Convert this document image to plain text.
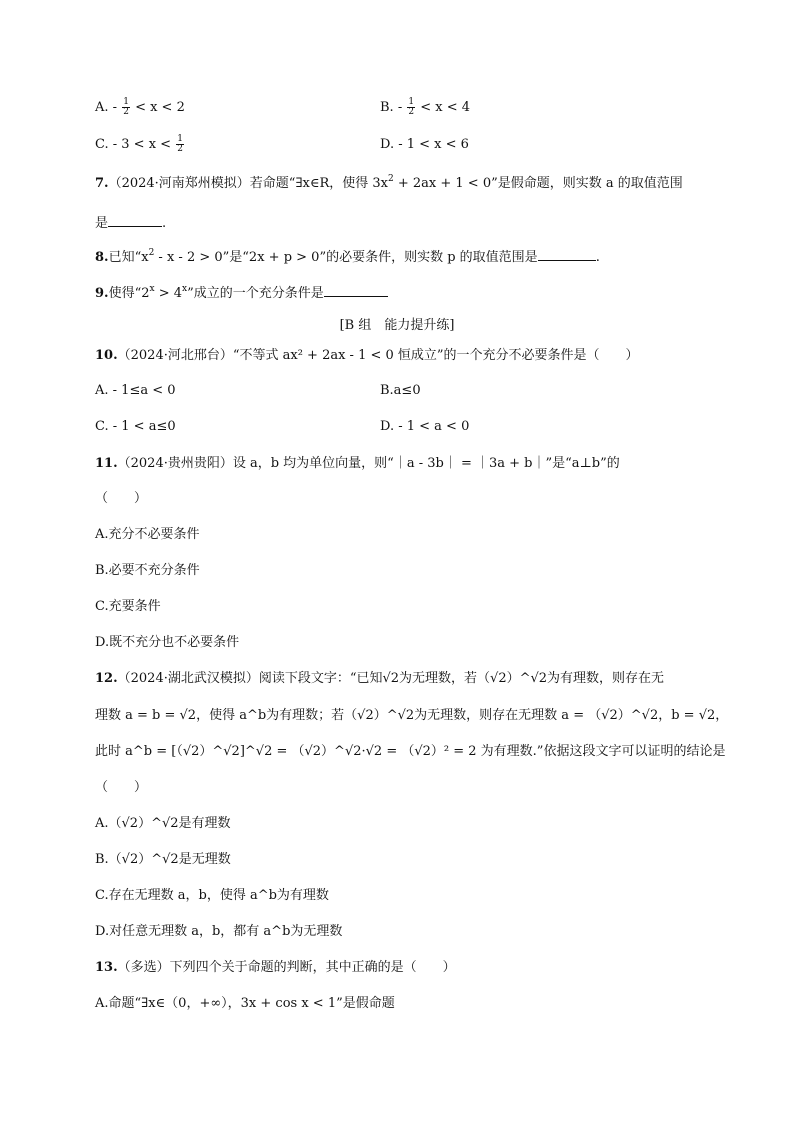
A. - $\frac{1}{2} < x < 2$	B. - $\frac{1}{2} < x < 4$
C. - $3 < x < \frac{1}{2}$	D. - 1 < x < 6
7.（2024·河南郑州模拟）若命题“∃x∈R，使得 $3x^2 + 2ax + 1 < 0$”是假命题，则实数 a 的取值范围
是	.
8.已知“$x^2 - x - 2 > 0$”是“2x + p > 0”的必要条件，则实数 p 的取值范围是	.
9.使得“$2^x > 4^x$”成立的一个充分条件是
[B 组　能力提升练]
10.（2024·河北邢台）“不等式 ax² + 2ax - 1 < 0 恒成立”的一个充分不必要条件是（　　）
A. - 1≤a < 0	B.a≤0
C. - 1 < a≤0	D. - 1 < a < 0
11.（2024·贵州贵阳）设 a，b 均为单位向量，则“｜a - 3b｜ = ｜3a + b｜”是“a⊥b”的
（　　）
A.充分不必要条件
B.必要不充分条件
C.充要条件
D.既不充分也不必要条件
12.（2024·湖北武汉模拟）阅读下段文字：“已知√2为无理数，若（√2）^√2为有理数，则存在无
理数 a = b = √2，使得 a^b为有理数；若（√2）^√2为无理数，则存在无理数 a = （√2）^√2，b = √2，
此时 a^b = [（√2）^√2]^√2 = （√2）^√2·√2 = （√2）² = 2 为有理数.”依据这段文字可以证明的结论是
（　　）
A.（√2）^√2是有理数
B.（√2）^√2是无理数
C.存在无理数 a，b，使得 a^b为有理数
D.对任意无理数 a，b，都有 a^b为无理数
13.（多选）下列四个关于命题的判断，其中正确的是（　　）
A.命题“∃x∈（0，+∞），3x + cos x < 1”是假命题
